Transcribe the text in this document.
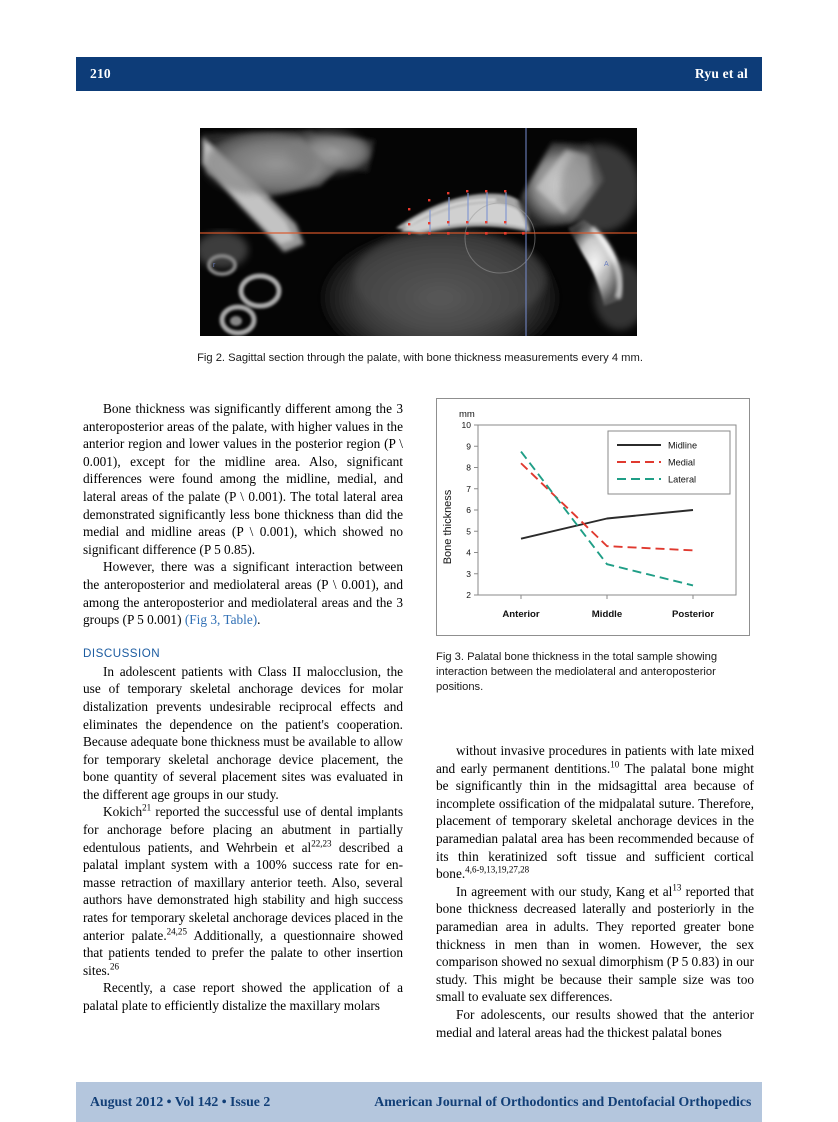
210	Ryu et al
r	A
Fig 2. Sagittal section through the palate, with bone thickness measurements every 4 mm.

Bone thickness was significantly different among the 3 anteroposterior areas of the palate, with higher values in the anterior region and lower values in the posterior region (P \ 0.001), except for the midline area. Also, significant differences were found among the midline, medial, and lateral areas of the palate (P \ 0.001). The total lateral area demonstrated significantly less bone thickness than did the medial and midline areas (P \ 0.001), which showed no significant difference (P 5 0.85).

However, there was a significant interaction between the anteroposterior and mediolateral areas (P \ 0.001), and among the anteroposterior and mediolateral areas and the 3 groups (P 5 0.001) (Fig 3, Table).

DISCUSSION

In adolescent patients with Class II malocclusion, the use of temporary skeletal anchorage devices for molar distalization prevents undesirable reciprocal effects and eliminates the dependence on the patient's cooperation. Because adequate bone thickness must be available to allow for temporary skeletal anchorage device placement, the bone quantity of several placement sites was evaluated in the different age groups in our study.

Kokich$^{21}$ reported the successful use of dental implants for anchorage before placing an abutment in partially edentulous patients, and Wehrbein et al$^{22,23}$ described a palatal implant system with a 100% success rate for en-masse retraction of maxillary anterior teeth. Also, several authors have demonstrated high stability and high success rates for temporary skeletal anchorage devices placed in the anterior palate.$^{24,25}$ Additionally, a questionnaire showed that patients tended to prefer the palate to other insertion sites.$^{26}$

Recently, a case report showed the application of a palatal plate to efficiently distalize the maxillary molars

mm
Bone thickness
2
3
4
5
6
7
8
9
10
Midline
Medial
Lateral
Anterior	Middle	Posterior
Fig 3. Palatal bone thickness in the total sample showing interaction between the mediolateral and anteroposterior positions.

without invasive procedures in patients with late mixed and early permanent dentitions.$^{10}$ The palatal bone might be significantly thin in the midsagittal area because of incomplete ossification of the midpalatal suture. Therefore, placement of temporary skeletal anchorage devices in the paramedian palatal area has been recommended because of its thin keratinized soft tissue and sufficient cortical bone.$^{4,6-9,13,19,27,28}$

In agreement with our study, Kang et $al^{13}$ reported that bone thickness decreased laterally and posteriorly in the paramedian area in adults. They reported greater bone thickness in men than in women. However, the sex comparison showed no sexual dimorphism (P 5 0.83) in our study. This might be because their sample size was too small to evaluate sex differences.

For adolescents, our results showed that the anterior medial and lateral areas had the thickest palatal bones

August 2012 • Vol 142 • Issue 2	American Journal of Orthodontics and Dentofacial Orthopedics
